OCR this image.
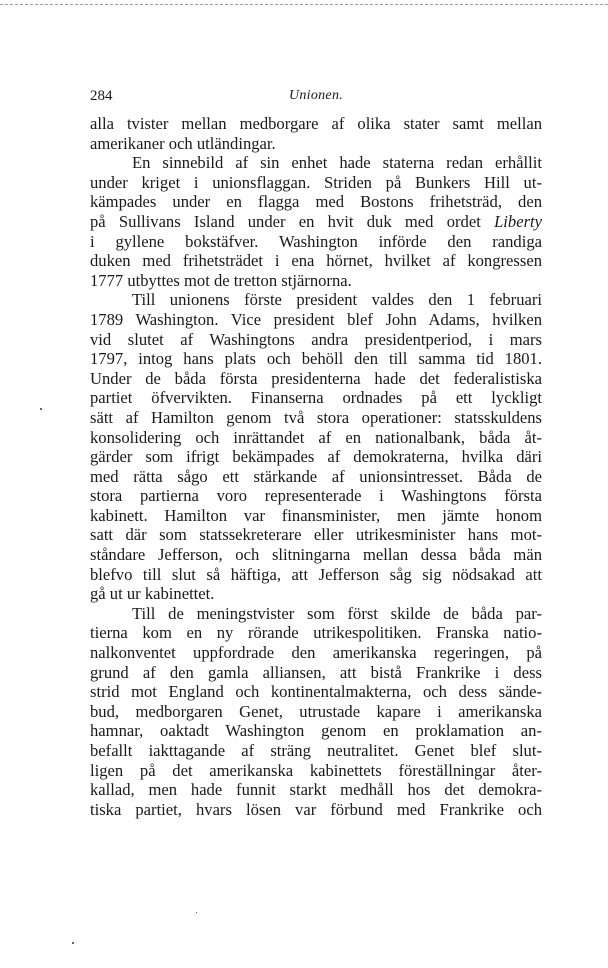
284	Unionen.
alla tvister mellan medborgare af olika stater samt mellan
amerikaner och utländingar.
En sinnebild af sin enhet hade staterna redan erhållit
under kriget i unionsflaggan. Striden på Bunkers Hill ut-
kämpades under en flagga med Bostons frihetsträd, den
på Sullivans Island under en hvit duk med ordet Liberty
i gyllene bokstäfver. Washington införde den randiga
duken med frihetsträdet i ena hörnet, hvilket af kongressen
1777 utbyttes mot de tretton stjärnorna.
Till unionens förste president valdes den 1 februari
1789 Washington. Vice president blef John Adams, hvilken
vid slutet af Washingtons andra presidentperiod, i mars
1797, intog hans plats och behöll den till samma tid 1801.
Under de båda första presidenterna hade det federalistiska
partiet öfvervikten. Finanserna ordnades på ett lyckligt
sätt af Hamilton genom två stora operationer: statsskuldens
konsolidering och inrättandet af en nationalbank, båda åt-
gärder som ifrigt bekämpades af demokraterna, hvilka däri
med rätta sågo ett stärkande af unionsintresset. Båda de
stora partierna voro representerade i Washingtons första
kabinett. Hamilton var finansminister, men jämte honom
satt där som statssekreterare eller utrikesminister hans mot-
ståndare Jefferson, och slitningarna mellan dessa båda män
blefvo till slut så häftiga, att Jefferson såg sig nödsakad att
gå ut ur kabinettet.
Till de meningstvister som först skilde de båda par-
tierna kom en ny rörande utrikespolitiken. Franska natio-
nalkonventet uppfordrade den amerikanska regeringen, på
grund af den gamla alliansen, att bistå Frankrike i dess
strid mot England och kontinentalmakterna, och dess sände-
bud, medborgaren Genet, utrustade kapare i amerikanska
hamnar, oaktadt Washington genom en proklamation an-
befallt iakttagande af sträng neutralitet. Genet blef slut-
ligen på det amerikanska kabinettets föreställningar åter-
kallad, men hade funnit starkt medhåll hos det demokra-
tiska partiet, hvars lösen var förbund med Frankrike och
